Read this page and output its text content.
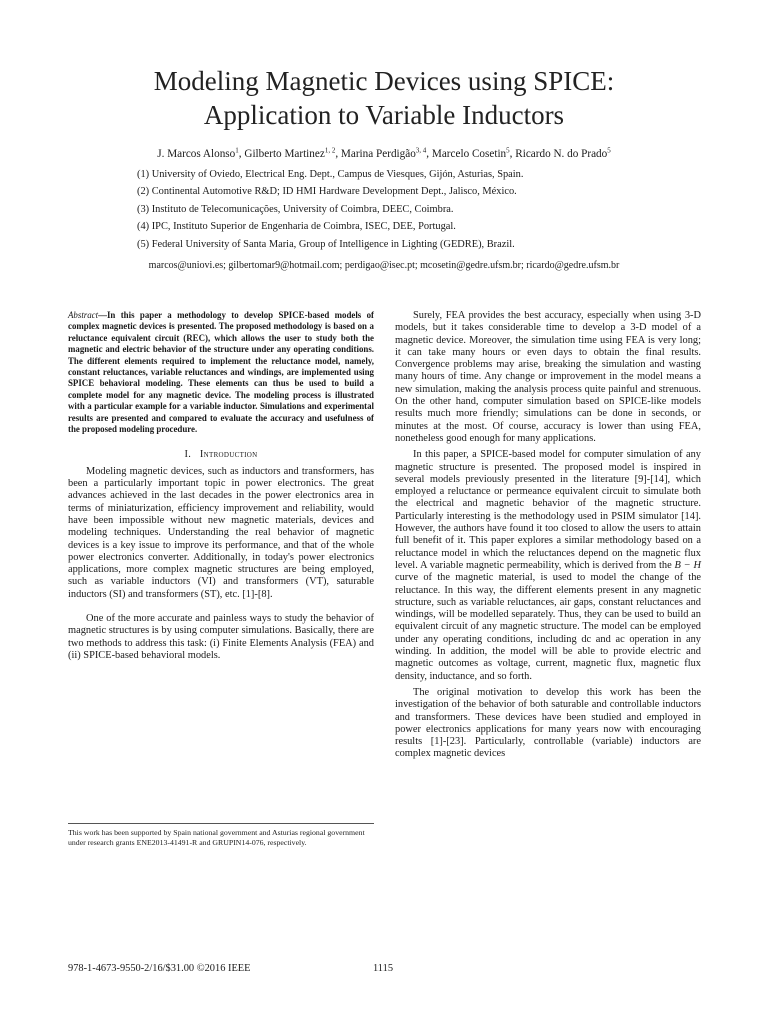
Modeling Magnetic Devices using SPICE:
Application to Variable Inductors
J. Marcos Alonso$^1$, Gilberto Martinez$^{1, 2}$, Marina Perdigão$^{3, 4}$, Marcelo Cosetin$^5$, Ricardo N. do Prado$^5$
(1) University of Oviedo, Electrical Eng. Dept., Campus de Viesques, Gijón, Asturias, Spain.
(2) Continental Automotive R&D; ID HMI Hardware Development Dept., Jalisco, México.
(3) Instituto de Telecomunicações, University of Coimbra, DEEC, Coimbra.
(4) IPC, Instituto Superior de Engenharia de Coimbra, ISEC, DEE, Portugal.
(5) Federal University of Santa Maria, Group of Intelligence in Lighting (GEDRE), Brazil.
marcos@uniovi.es; gilbertomar9@hotmail.com; perdigao@isec.pt; mcosetin@gedre.ufsm.br; ricardo@gedre.ufsm.br
Abstract—In this paper a methodology to develop SPICE-based models of complex magnetic devices is presented. The proposed methodology is based on a reluctance equivalent circuit (REC), which allows the user to study both the magnetic and electric behavior of the structure under any operating conditions. The different elements required to implement the reluctance model, namely, constant reluctances, variable reluctances and windings, are implemented using SPICE behavioral modeling. These elements can thus be used to build a complete model for any magnetic device. The modeling process is illustrated with a particular example for a variable inductor. Simulations and experimental results are presented and compared to evaluate the accuracy and usefulness of the proposed modeling procedure.
I. Introduction

Modeling magnetic devices, such as inductors and transformers, has been a particularly important topic in power electronics. The great advances achieved in the last decades in the power electronics area in terms of miniaturization, efficiency improvement and reliability, would have been impossible without new magnetic materials, devices and modeling techniques. Understanding the real behavior of magnetic devices is a key issue to improve its performance, and that of the whole power electronics converter. Additionally, in today's power electronics applications, more complex magnetic structures are being employed, such as variable inductors (VI) and transformers (VT), saturable inductors (SI) and transformers (ST), etc. [1]-[8].

One of the more accurate and painless ways to study the behavior of magnetic structures is by using computer simulations. Basically, there are two methods to address this task: (i) Finite Elements Analysis (FEA) and (ii) SPICE-based behavioral models.

Surely, FEA provides the best accuracy, especially when using 3-D models, but it takes considerable time to develop a 3-D model of a magnetic device. Moreover, the simulation time using FEA is very long; it can take many hours or even days to obtain the final results. Convergence problems may arise, breaking the simulation and wasting many hours of time. Any change or improvement in the model means a new simulation, making the analysis process quite painful and strenuous. On the other hand, computer simulation based on SPICE-like models results much more friendly; simulations can be done in seconds, or minutes at the most. Of course, accuracy is lower than using FEA, nonetheless good enough for many applications.

In this paper, a SPICE-based model for computer simulation of any magnetic structure is presented. The proposed model is inspired in several models previously presented in the literature [9]-[14], which employed a reluctance or permeance equivalent circuit to simulate both the electrical and magnetic behavior of the magnetic structure. Particularly interesting is the methodology used in PSIM simulator [14]. However, the authors have found it too closed to allow the users to attain full benefit of it. This paper explores a similar methodology based on a reluctance model in which the reluctances depend on the magnetic flux level. A variable magnetic permeability, which is derived from the B − H curve of the magnetic material, is used to model the change of the reluctance. In this way, the different elements present in any magnetic structure, such as variable reluctances, air gaps, constant reluctances and windings, will be modelled separately. Thus, they can be used to build an equivalent circuit of any magnetic structure. The model can be employed under any operating conditions, including dc and ac operation in any winding. In addition, the model will be able to provide electric and magnetic outcomes as voltage, current, magnetic flux, magnetic flux density, inductance, and so forth.

The original motivation to develop this work has been the investigation of the behavior of both saturable and controllable inductors and transformers. These devices have been studied and employed in power electronics applications for many years now with encouraging results [1]-[23]. Particularly, controllable (variable) inductors are complex magnetic devices

This work has been supported by Spain national government and Asturias regional government under research grants ENE2013-41491-R and GRUPIN14-076, respectively.
978-1-4673-9550-2/16/$31.00 ©2016 IEEE	1115
